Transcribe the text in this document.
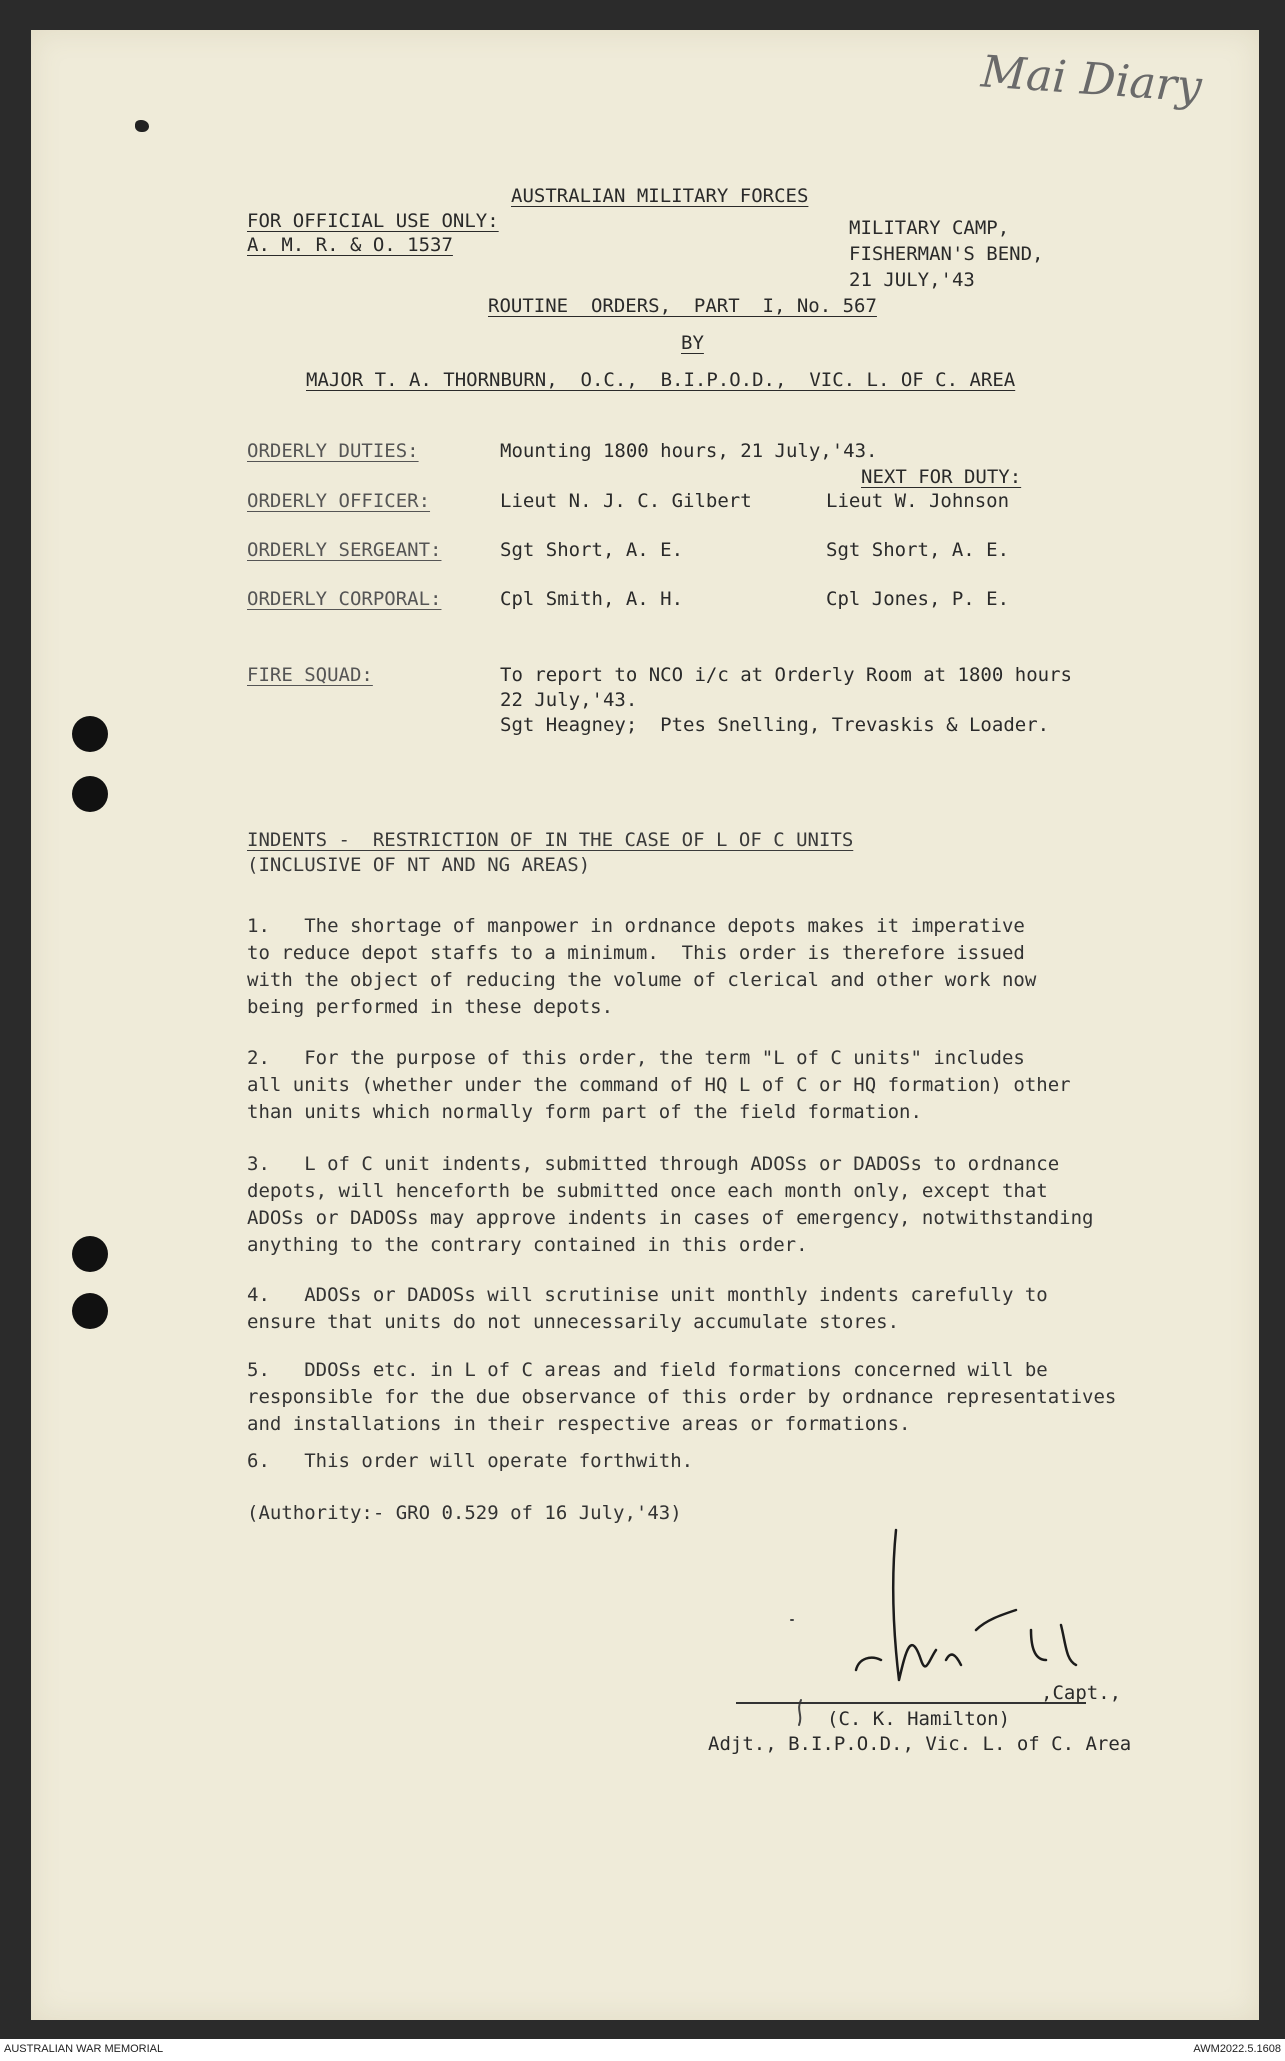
Mai Diary
AUSTRALIAN MILITARY FORCES
FOR OFFICIAL USE ONLY:
A. M. R. & O. 1537
MILITARY CAMP,
FISHERMAN'S BEND,
21 JULY,'43
ROUTINE  ORDERS,  PART  I, No. 567
BY
MAJOR T. A. THORNBURN,  O.C.,  B.I.P.O.D.,  VIC. L. OF C. AREA
ORDERLY DUTIES:	Mounting 1800 hours, 21 July,'43.
NEXT FOR DUTY:
ORDERLY OFFICER:	Lieut N. J. C. Gilbert	Lieut W. Johnson
ORDERLY SERGEANT:	Sgt Short, A. E.	Sgt Short, A. E.
ORDERLY CORPORAL:	Cpl Smith, A. H.	Cpl Jones, P. E.
FIRE SQUAD:	To report to NCO i/c at Orderly Room at 1800 hours
22 July,'43.
Sgt Heagney;  Ptes Snelling, Trevaskis & Loader.
INDENTS -  RESTRICTION OF IN THE CASE OF L OF C UNITS
(INCLUSIVE OF NT AND NG AREAS)
1.   The shortage of manpower in ordnance depots makes it imperative
to reduce depot staffs to a minimum.  This order is therefore issued
with the object of reducing the volume of clerical and other work now
being performed in these depots.
2.   For the purpose of this order, the term "L of C units" includes
all units (whether under the command of HQ L of C or HQ formation) other
than units which normally form part of the field formation.
3.   L of C unit indents, submitted through ADOSs or DADOSs to ordnance
depots, will henceforth be submitted once each month only, except that
ADOSs or DADOSs may approve indents in cases of emergency, notwithstanding
anything to the contrary contained in this order.
4.   ADOSs or DADOSs will scrutinise unit monthly indents carefully to
ensure that units do not unnecessarily accumulate stores.
5.   DDOSs etc. in L of C areas and field formations concerned will be
responsible for the due observance of this order by ordnance representatives
and installations in their respective areas or formations.
6.   This order will operate forthwith.
(Authority:- GRO 0.529 of 16 July,'43)
,Capt.,
(C. K. Hamilton)
Adjt., B.I.P.O.D., Vic. L. of C. Area
AUSTRALIAN WAR MEMORIAL	AWM2022.5.1608
